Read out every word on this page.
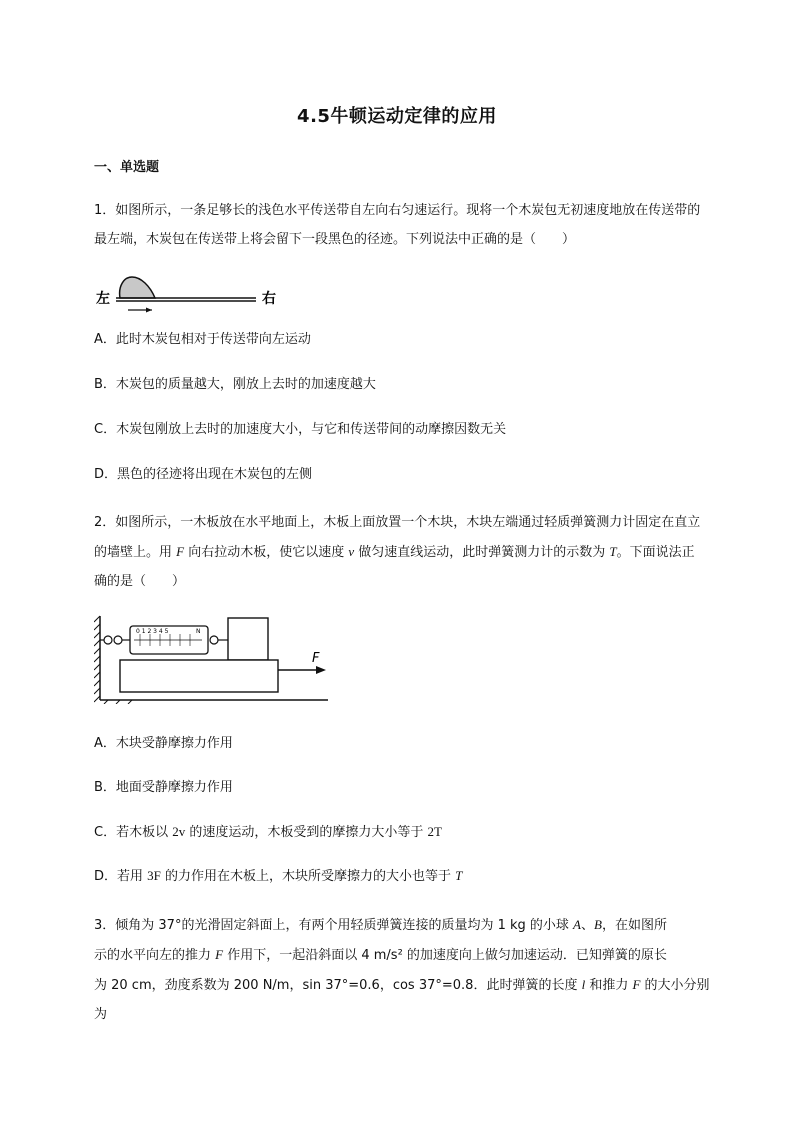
4.5牛顿运动定律的应用
一、单选题
1．如图所示，一条足够长的浅色水平传送带自左向右匀速运行。现将一个木炭包无初速度地放在传送带的最左端，木炭包在传送带上将会留下一段黑色的径迹。下列说法中正确的是（　　）
左	右
A．此时木炭包相对于传送带向左运动
B．木炭包的质量越大，刚放上去时的加速度越大
C．木炭包刚放上去时的加速度大小，与它和传送带间的动摩擦因数无关
D．黑色的径迹将出现在木炭包的左侧
2．如图所示，一木板放在水平地面上，木板上面放置一个木块，木块左端通过轻质弹簧测力计固定在直立的墙壁上。用 F 向右拉动木板，使它以速度 v 做匀速直线运动，此时弹簧测力计的示数为 T。下面说法正确的是（　　）
0 1 2 3 4 5	N
F
A．木块受静摩擦力作用
B．地面受静摩擦力作用
C．若木板以 2v 的速度运动，木板受到的摩擦力大小等于 2T
D．若用 3F 的力作用在木板上，木块所受摩擦力的大小也等于 T
3．倾角为 37°的光滑固定斜面上，有两个用轻质弹簧连接的质量均为 1 kg 的小球 A、B，在如图所
示的水平向左的推力 F 作用下，一起沿斜面以 4 m/s² 的加速度向上做匀加速运动．已知弹簧的原长
为 20 cm，劲度系数为 200 N/m，sin 37°=0.6，cos 37°=0.8．此时弹簧的长度 l 和推力 F 的大小分别
为
